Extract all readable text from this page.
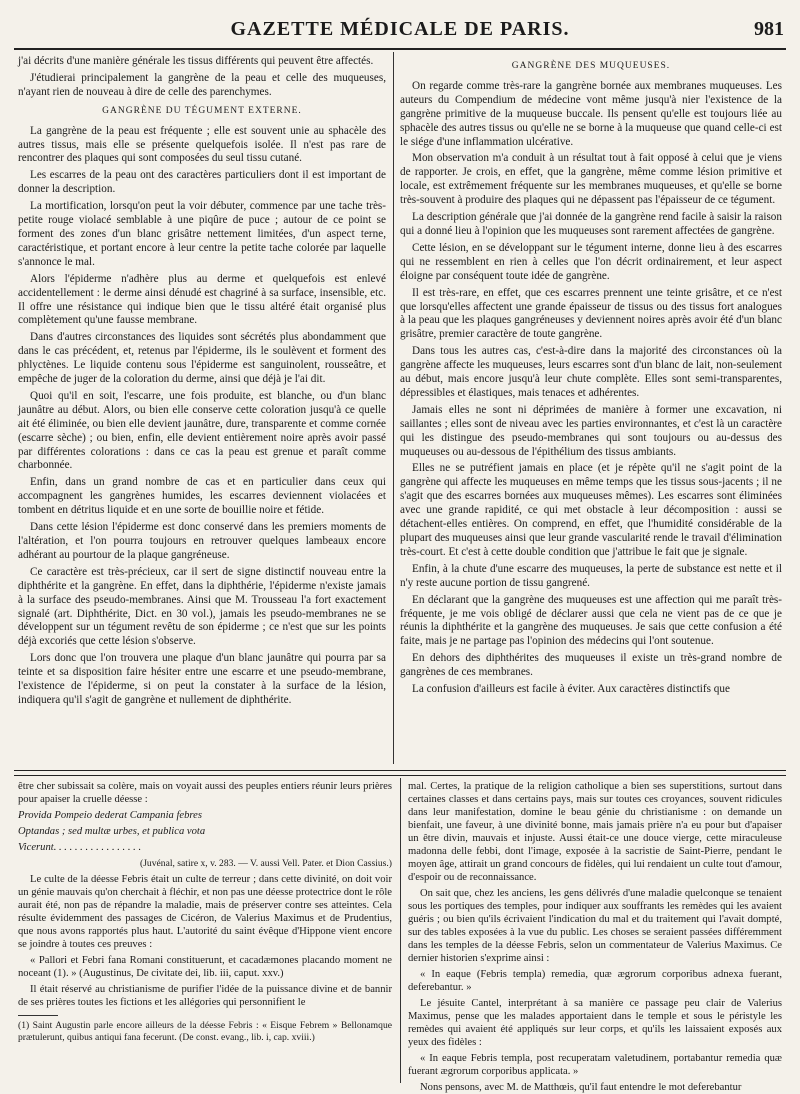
GAZETTE MÉDICALE DE PARIS.	981

j'ai décrits d'une manière générale les tissus différents qui peuvent être affectés.

J'étudierai principalement la gangrène de la peau et celle des muqueuses, n'ayant rien de nouveau à dire de celle des parenchymes.

GANGRÈNE DU TÉGUMENT EXTERNE.

La gangrène de la peau est fréquente ; elle est souvent unie au sphacèle des autres tissus, mais elle se présente quelquefois isolée. Il n'est pas rare de rencontrer des plaques qui sont composées du seul tissu cutané.

Les escarres de la peau ont des caractères particuliers dont il est important de donner la description.

La mortification, lorsqu'on peut la voir débuter, commence par une tache très-petite rouge violacé semblable à une piqûre de puce ; autour de ce point se forment des zones d'un blanc grisâtre nettement limitées, d'un aspect terne, caractéristique, et portant encore à leur centre la petite tache colorée par laquelle s'annonce le mal.

Alors l'épiderme n'adhère plus au derme et quelquefois est enlevé accidentellement : le derme ainsi dénudé est chagriné à sa surface, insensible, etc. Il offre une résistance qui indique bien que le tissu altéré était organisé plus complètement qu'une fausse membrane.

Dans d'autres circonstances des liquides sont sécrétés plus abondamment que dans le cas précédent, et, retenus par l'épiderme, ils le soulèvent et forment des phlyctènes. Le liquide contenu sous l'épiderme est sanguinolent, rousseâtre, et empêche de juger de la coloration du derme, ainsi que déjà je l'ai dit.

Quoi qu'il en soit, l'escarre, une fois produite, est blanche, ou d'un blanc jaunâtre au début. Alors, ou bien elle conserve cette coloration jusqu'à ce quelle ait été éliminée, ou bien elle devient jaunâtre, dure, transparente et comme cornée (escarre sèche) ; ou bien, enfin, elle devient entièrement noire après avoir passé par différentes colorations : dans ce cas la peau est grenue et paraît comme charbonnée.

Enfin, dans un grand nombre de cas et en particulier dans ceux qui accompagnent les gangrènes humides, les escarres deviennent violacées et tombent en détritus liquide et en une sorte de bouillie noire et fétide.

Dans cette lésion l'épiderme est donc conservé dans les premiers moments de l'altération, et l'on pourra toujours en retrouver quelques lambeaux encore adhérant au pourtour de la plaque gangréneuse.

Ce caractère est très-précieux, car il sert de signe distinctif nouveau entre la diphthérite et la gangrène. En effet, dans la diphthérie, l'épiderme n'existe jamais à la surface des pseudo-membranes. Ainsi que M. Trousseau l'a fort exactement signalé (art. Diphthérite, Dict. en 30 vol.), jamais les pseudo-membranes ne se développent sur un tégument revêtu de son épiderme ; ce n'est que sur les points déjà excoriés que cette lésion s'observe.

Lors donc que l'on trouvera une plaque d'un blanc jaunâtre qui pourra par sa teinte et sa disposition faire hésiter entre une escarre et une pseudo-membrane, l'existence de l'épiderme, si on peut la constater à la surface de la lésion, indiquera qu'il s'agit de gangrène et nullement de diphthérite.

GANGRÈNE DES MUQUEUSES.

On regarde comme très-rare la gangrène bornée aux membranes muqueuses. Les auteurs du Compendium de médecine vont même jusqu'à nier l'existence de la gangrène primitive de la muqueuse buccale. Ils pensent qu'elle est toujours liée au sphacèle des autres tissus ou qu'elle ne se borne à la muqueuse que quand celle-ci est le siége d'une inflammation ulcérative.

Mon observation m'a conduit à un résultat tout à fait opposé à celui que je viens de rapporter. Je crois, en effet, que la gangrène, même comme lésion primitive et locale, est extrêmement fréquente sur les membranes muqueuses, et qu'elle se borne très-souvent à produire des plaques qui ne dépassent pas l'épaisseur de ce tégument.

La description générale que j'ai donnée de la gangrène rend facile à saisir la raison qui a donné lieu à l'opinion que les muqueuses sont rarement affectées de gangrène.

Cette lésion, en se développant sur le tégument interne, donne lieu à des escarres qui ne ressemblent en rien à celles que l'on décrit ordinairement, et leur aspect éloigne par conséquent toute idée de gangrène.

Il est très-rare, en effet, que ces escarres prennent une teinte grisâtre, et ce n'est que lorsqu'elles affectent une grande épaisseur de tissus ou des tissus fort analogues à la peau que les plaques gangréneuses y deviennent noires après avoir été d'un blanc grisâtre, premier caractère de toute gangrène.

Dans tous les autres cas, c'est-à-dire dans la majorité des circonstances où la gangrène affecte les muqueuses, leurs escarres sont d'un blanc de lait, non-seulement au début, mais encore jusqu'à leur chute complète. Elles sont semi-transparentes, dépressibles et élastiques, mais tenaces et adhérentes.

Jamais elles ne sont ni déprimées de manière à former une excavation, ni saillantes ; elles sont de niveau avec les parties environnantes, et c'est là un caractère qui les distingue des pseudo-membranes qui sont toujours ou au-dessus des muqueuses ou au-dessous de l'épithélium des tissus ambiants.

Elles ne se putréfient jamais en place (et je répète qu'il ne s'agit point de la gangrène qui affecte les muqueuses en même temps que les tissus sous-jacents ; il ne s'agit que des escarres bornées aux muqueuses mêmes). Les escarres sont éliminées avec une grande rapidité, ce qui met obstacle à leur décomposition : aussi se détachent-elles entières. On comprend, en effet, que l'humidité considérable de la plupart des muqueuses ainsi que leur grande vascularité rende le travail d'élimination très-court. Et c'est à cette double condition que j'attribue le fait que je signale.

Enfin, à la chute d'une escarre des muqueuses, la perte de substance est nette et il n'y reste aucune portion de tissu gangrené.

En déclarant que la gangrène des muqueuses est une affection qui me paraît très-fréquente, je me vois obligé de déclarer aussi que cela ne vient pas de ce que je réunis la diphthérite et la gangrène des muqueuses. Je sais que cette confusion a été faite, mais je ne partage pas l'opinion des médecins qui l'ont soutenue.

En dehors des diphthérites des muqueuses il existe un très-grand nombre de gangrènes de ces membranes.

La confusion d'ailleurs est facile à éviter. Aux caractères distinctifs que

être cher subissait sa colère, mais on voyait aussi des peuples entiers réunir leurs prières pour apaiser la cruelle déesse :

Provida Pompeio dederat Campania febres

Optandas ; sed multæ urbes, et publica vota

Vicerunt. . . . . . . . . . . . . . . . .

(Juvénal, satire x, v. 283. — V. aussi Vell. Pater. et Dion Cassius.)

Le culte de la déesse Febris était un culte de terreur ; dans cette divinité, on doit voir un génie mauvais qu'on cherchait à fléchir, et non pas une déesse protectrice dont le rôle aurait été, non pas de répandre la maladie, mais de préserver contre ses atteintes. Cela résulte évidemment des passages de Cicéron, de Valerius Maximus et de Prudentius, que nous avons rapportés plus haut. L'autorité du saint évêque d'Hippone vient encore se joindre à toutes ces preuves :

« Pallori et Febri fana Romani constituerunt, et cacadæmones placando moment ne noceant (1). » (Augustinus, De civitate dei, lib. iii, caput. xxv.)

Il était réservé au christianisme de purifier l'idée de la puissance divine et de bannir de ses prières toutes les fictions et les allégories qui personnifient le

(1) Saint Augustin parle encore ailleurs de la déesse Febris : « Eisque Febrem » Bellonamque prætulerunt, quibus antiqui fana fecerunt. (De const. evang., lib. i, cap. xviii.)

mal. Certes, la pratique de la religion catholique a bien ses superstitions, surtout dans certaines classes et dans certains pays, mais sur toutes ces croyances, souvent ridicules dans leur manifestation, domine le beau génie du christianisme : on demande un bienfait, une faveur, à une divinité bonne, mais jamais prière n'a eu pour but d'apaiser un être divin, mauvais et injuste. Aussi était-ce une douce vierge, cette miraculeuse madonna delle febbi, dont l'image, exposée à la sacristie de Saint-Pierre, pendant le moyen âge, attirait un grand concours de fidèles, qui lui rendaient un culte tout d'amour, d'espoir ou de reconnaissance.

On sait que, chez les anciens, les gens délivrés d'une maladie quelconque se tenaient sous les portiques des temples, pour indiquer aux souffrants les remèdes qui les avaient guéris ; ou bien qu'ils écrivaient l'indication du mal et du traitement qui l'avait dompté, sur des tables exposées à la vue du public. Les choses se seraient passées différemment dans les temples de la déesse Febris, selon un commentateur de Valerius Maximus. Ce dernier historien s'exprime ainsi :

« In eaque (Febris templa) remedia, quæ ægrorum corporibus adnexa fuerant, deferebantur. »

Le jésuite Cantel, interprétant à sa manière ce passage peu clair de Valerius Maximus, pense que les malades apportaient dans le temple et sous le péristyle les remèdes qui avaient été appliqués sur leur corps, et qu'ils les laissaient exposés aux yeux des fidèles :

« In eaque Febris templa, post recuperatam valetudinem, portabantur remedia quæ fuerant ægrorum corporibus applicata. »

Nons pensons, avec M. de Matthœis, qu'il faut entendre le mot deferebantur
